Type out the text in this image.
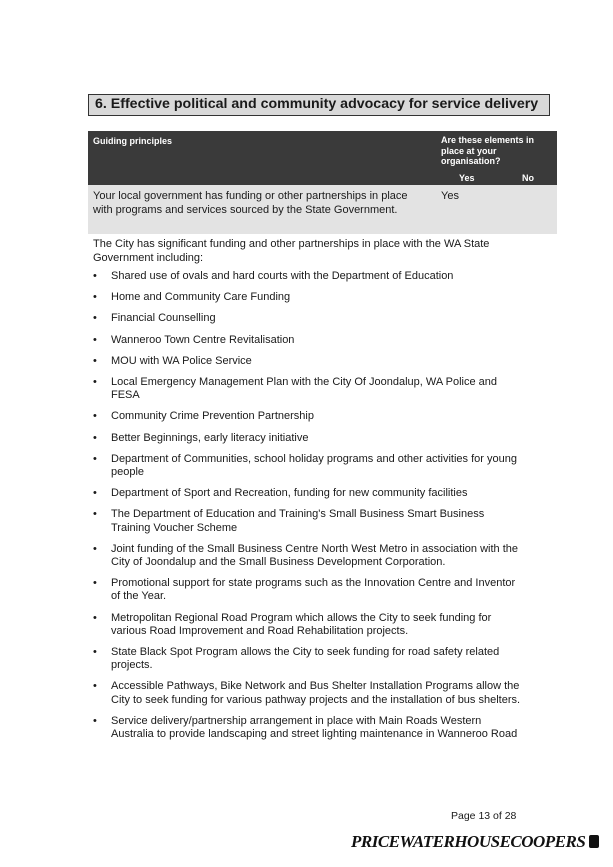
6. Effective political and community advocacy for service delivery
Guiding principles	Are these elements in place at your organisation?
Yes	No
Your local government has funding or other partnerships in place with programs and services sourced by the State Government.
Yes

The City has significant funding and other partnerships in place with the WA State Government including:

• Shared use of ovals and hard courts with the Department of Education
• Home and Community Care Funding
• Financial Counselling
• Wanneroo Town Centre Revitalisation
• MOU with WA Police Service
• Local Emergency Management Plan with the City Of Joondalup, WA Police and FESA
• Community Crime Prevention Partnership
• Better Beginnings, early literacy initiative
• Department of Communities, school holiday programs and other activities for young people
• Department of Sport and Recreation, funding for new community facilities
• The Department of Education and Training's Small Business Smart Business Training Voucher Scheme
• Joint funding of the Small Business Centre North West Metro in association with the City of Joondalup and the Small Business Development Corporation.
• Promotional support for state programs such as the Innovation Centre and Inventor of the Year.
• Metropolitan Regional Road Program which allows the City to seek funding for various Road Improvement and Road Rehabilitation projects.
• State Black Spot Program allows the City to seek funding for road safety related projects.
• Accessible Pathways, Bike Network and Bus Shelter Installation Programs allow the City to seek funding for various pathway projects and the installation of bus shelters.
• Service delivery/partnership arrangement in place with Main Roads Western Australia to provide landscaping and street lighting maintenance in Wanneroo Road
Page 13 of 28
PRICEWATERHOUSECOOPERS
